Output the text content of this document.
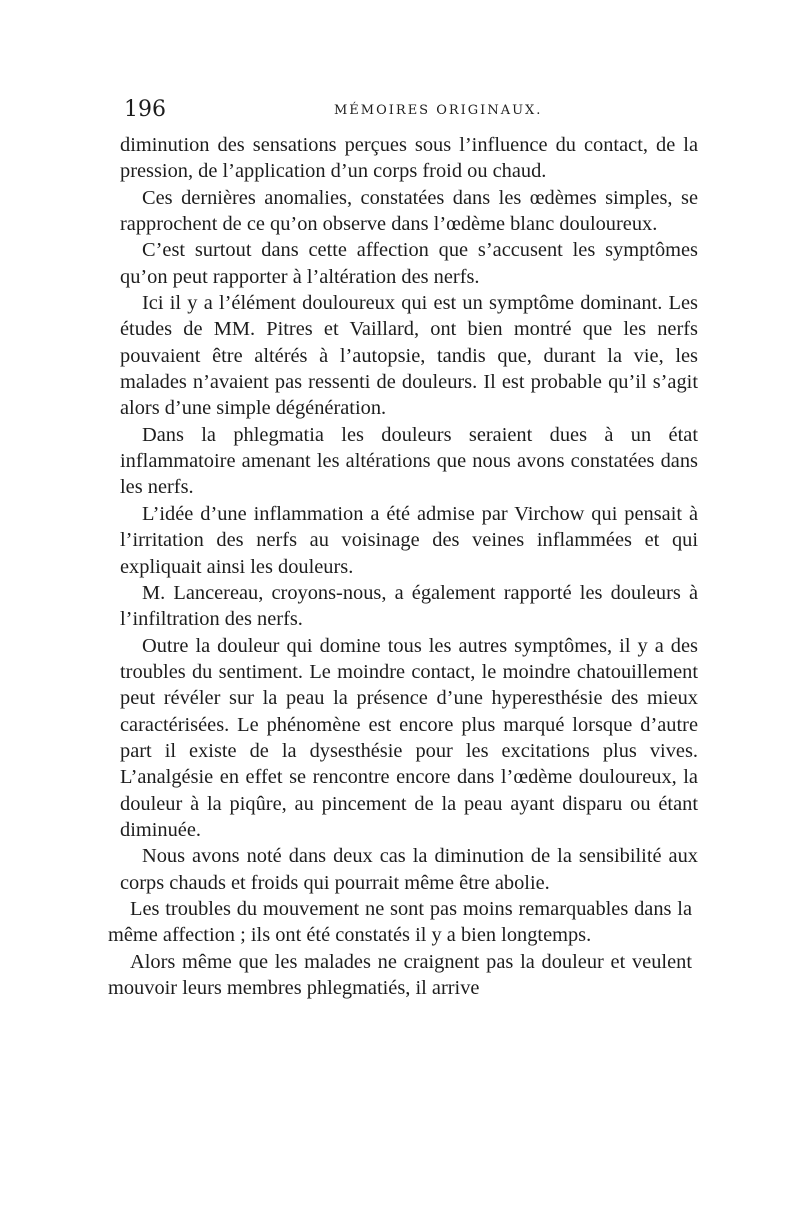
196	MÉMOIRES ORIGINAUX.

diminution des sensations perçues sous l’influence du contact, de la pression, de l’application d’un corps froid ou chaud.

Ces dernières anomalies, constatées dans les œdèmes simples, se rapprochent de ce qu’on observe dans l’œdème blanc douloureux.

C’est surtout dans cette affection que s’accusent les symptômes qu’on peut rapporter à l’altération des nerfs.

Ici il y a l’élément douloureux qui est un symptôme dominant. Les études de MM. Pitres et Vaillard, ont bien montré que les nerfs pouvaient être altérés à l’autopsie, tandis que, durant la vie, les malades n’avaient pas ressenti de douleurs. Il est probable qu’il s’agit alors d’une simple dégénération.

Dans la phlegmatia les douleurs seraient dues à un état inflammatoire amenant les altérations que nous avons constatées dans les nerfs.

L’idée d’une inflammation a été admise par Virchow qui pensait à l’irritation des nerfs au voisinage des veines inflammées et qui expliquait ainsi les douleurs.

M. Lancereau, croyons-nous, a également rapporté les douleurs à l’infiltration des nerfs.

Outre la douleur qui domine tous les autres symptômes, il y a des troubles du sentiment. Le moindre contact, le moindre chatouillement peut révéler sur la peau la présence d’une hyperesthésie des mieux caractérisées. Le phénomène est encore plus marqué lorsque d’autre part il existe de la dysesthésie pour les excitations plus vives. L’analgésie en effet se rencontre encore dans l’œdème douloureux, la douleur à la piqûre, au pincement de la peau ayant disparu ou étant diminuée.

Nous avons noté dans deux cas la diminution de la sensibilité aux corps chauds et froids qui pourrait même être abolie.

Les troubles du mouvement ne sont pas moins remarquables dans la même affection ; ils ont été constatés il y a bien longtemps.

Alors même que les malades ne craignent pas la douleur et veulent mouvoir leurs membres phlegmatiés, il arrive
